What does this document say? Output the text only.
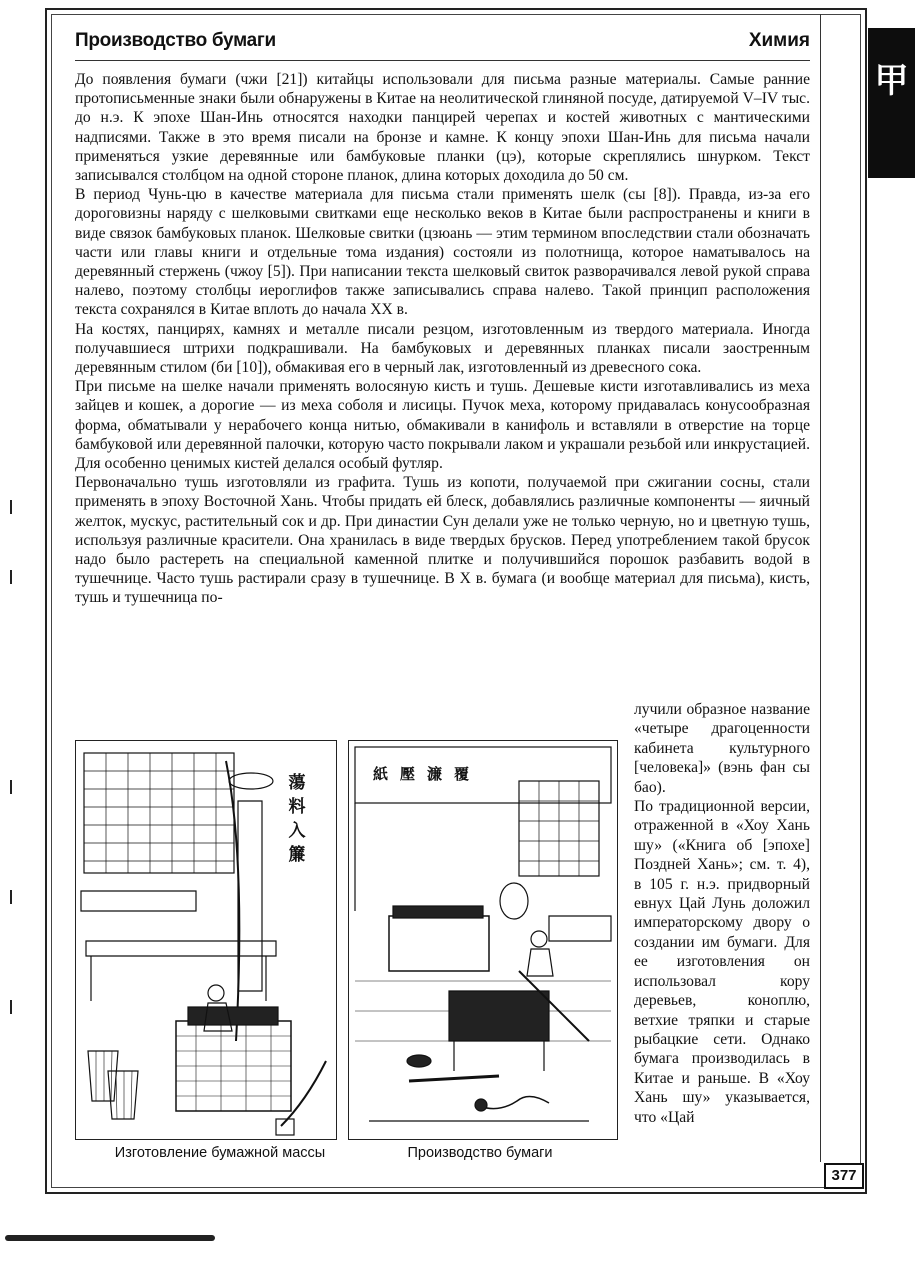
甲
Производство бумаги	Химия

До появления бумаги (чжи [21]) китайцы использовали для письма разные материалы. Самые ранние протописьменные знаки были обнаружены в Китае на неолитической глиняной посуде, датируемой V–IV тыс. до н.э. К эпохе Шан-Инь относятся находки панцирей черепах и костей животных с мантическими надписями. Также в это время писали на бронзе и камне. К концу эпохи Шан-Инь для письма начали применяться узкие деревянные или бамбуковые планки (цэ), которые скреплялись шнурком. Текст записывался столбцом на одной стороне планок, длина которых доходила до 50 см.

В период Чунь-цю в качестве материала для письма стали применять шелк (сы [8]). Правда, из-за его дороговизны наряду с шелковыми свитками еще несколько веков в Китае были распространены и книги в виде связок бамбуковых планок. Шелковые свитки (цзюань — этим термином впоследствии стали обозначать части или главы книги и отдельные тома издания) состояли из полотнища, которое наматывалось на деревянный стержень (чжоу [5]). При написании текста шелковый свиток разворачивался левой рукой справа налево, поэтому столбцы иероглифов также записывались справа налево. Такой принцип расположения текста сохранялся в Китае вплоть до начала XX в.

На костях, панцирях, камнях и металле писали резцом, изготовленным из твердого материала. Иногда получавшиеся штрихи подкрашивали. На бамбуковых и деревянных планках писали заостренным деревянным стилом (би [10]), обмакивая его в черный лак, изготовленный из древесного сока.

При письме на шелке начали применять волосяную кисть и тушь. Дешевые кисти изготавливались из меха зайцев и кошек, а дорогие — из меха соболя и лисицы. Пучок меха, которому придавалась конусообразная форма, обматывали у нерабочего конца нитью, обмакивали в канифоль и вставляли в отверстие на торце бамбуковой или деревянной палочки, которую часто покрывали лаком и украшали резьбой или инкрустацией. Для особенно ценимых кистей делался особый футляр.

Первоначально тушь изготовляли из графита. Тушь из копоти, получаемой при сжигании сосны, стали применять в эпоху Восточной Хань. Чтобы придать ей блеск, добавлялись различные компоненты — яичный желток, мускус, растительный сок и др. При династии Сун делали уже не только черную, но и цветную тушь, используя различные красители. Она хранилась в виде твердых брусков. Перед употреблением такой брусок надо было растереть на специальной каменной плитке и получившийся порошок разбавить водой в тушечнице. Часто тушь растирали сразу в тушечнице. В X в. бумага (и вообще материал для письма), кисть, тушь и тушечница по-

лучили образное название «четыре драгоценности кабинета культурного [человека]» (вэнь фан сы бао).

По традиционной версии, отраженной в «Хоу Хань шу» («Книга об [эпохе] Поздней Хань»; см. т. 4), в 105 г. н.э. придворный евнух Цай Лунь доложил императорскому двору о создании им бумаги. Для ее изготовления он использовал кору деревьев, коноплю, ветхие тряпки и старые рыбацкие сети. Однако бумага производилась в Китае и раньше. В «Хоу Хань шу» указывается, что «Цай

蕩
料
入
簾
紙 壓 濂 覆
Изготовление бумажной массы	Производство бумаги
377
